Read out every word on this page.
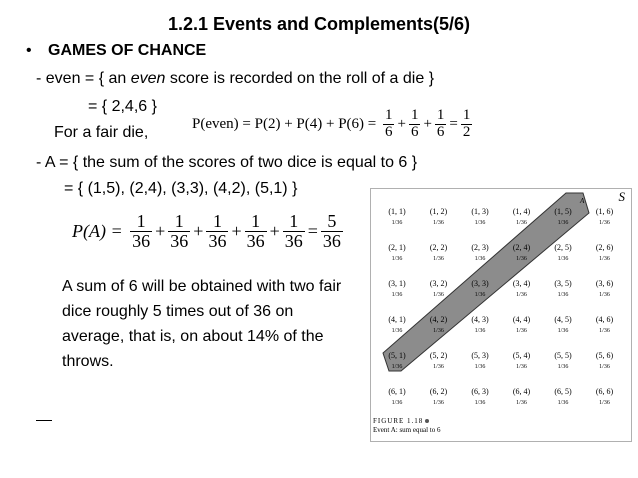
1.2.1 Events and Complements(5/6)
• GAMES OF CHANCE
- even = { an even score is recorded on the roll of a die }
= { 2,4,6 }
For a fair die,
P(even) = $P(2) + P(4) + P(6) = \frac{1}{6} + \frac{1}{6} + \frac{1}{6} = \frac{1}{2}$
- A = { the sum of the scores of two dice is equal to 6 }
= { (1,5), (2,4), (3,3), (4,2), (5,1) }
$P(A) = \frac{1}{36} + \frac{1}{36} + \frac{1}{36} + \frac{1}{36} + \frac{1}{36} = \frac{5}{36}$
A sum of 6 will be obtained with two fair dice roughly 5 times out of 36 on average, that is, on about 14% of the throws.
S
A
(1, 1)
1/36
(1, 2)
1/36
(1, 3)
1/36
(1, 4)
1/36
(1, 5)
1/36
(1, 6)
1/36
(2, 1)
1/36
(2, 2)
1/36
(2, 3)
1/36
(2, 4)
1/36
(2, 5)
1/36
(2, 6)
1/36
(3, 1)
1/36
(3, 2)
1/36
(3, 3)
1/36
(3, 4)
1/36
(3, 5)
1/36
(3, 6)
1/36
(4, 1)
1/36
(4, 2)
1/36
(4, 3)
1/36
(4, 4)
1/36
(4, 5)
1/36
(4, 6)
1/36
(5, 1)
1/36
(5, 2)
1/36
(5, 3)
1/36
(5, 4)
1/36
(5, 5)
1/36
(5, 6)
1/36
(6, 1)
1/36
(6, 2)
1/36
(6, 3)
1/36
(6, 4)
1/36
(6, 5)
1/36
(6, 6)
1/36
FIGURE 1.18
Event A: sum equal to 6
